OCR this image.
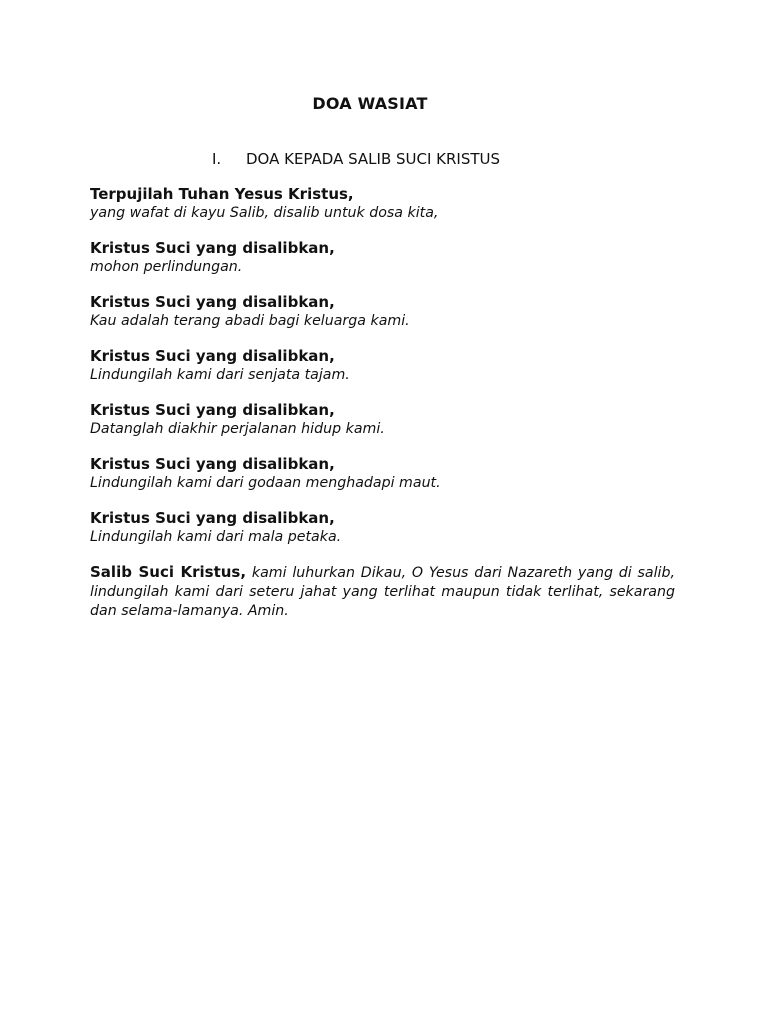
DOA WASIAT
I. DOA KEPADA SALIB SUCI KRISTUS
Terpujilah Tuhan Yesus Kristus,
yang wafat di kayu Salib, disalib untuk dosa kita,
Kristus Suci yang disalibkan,
mohon perlindungan.
Kristus Suci yang disalibkan,
Kau adalah terang abadi bagi keluarga kami.
Kristus Suci yang disalibkan,
Lindungilah kami dari senjata tajam.
Kristus Suci yang disalibkan,
Datanglah diakhir perjalanan hidup kami.
Kristus Suci yang disalibkan,
Lindungilah kami dari godaan menghadapi maut.
Kristus Suci yang disalibkan,
Lindungilah kami dari mala petaka.
Salib Suci Kristus, kami luhurkan Dikau, O Yesus dari Nazareth yang di salib, lindungilah kami dari seteru jahat yang terlihat maupun tidak terlihat, sekarang dan selama-lamanya. Amin.
